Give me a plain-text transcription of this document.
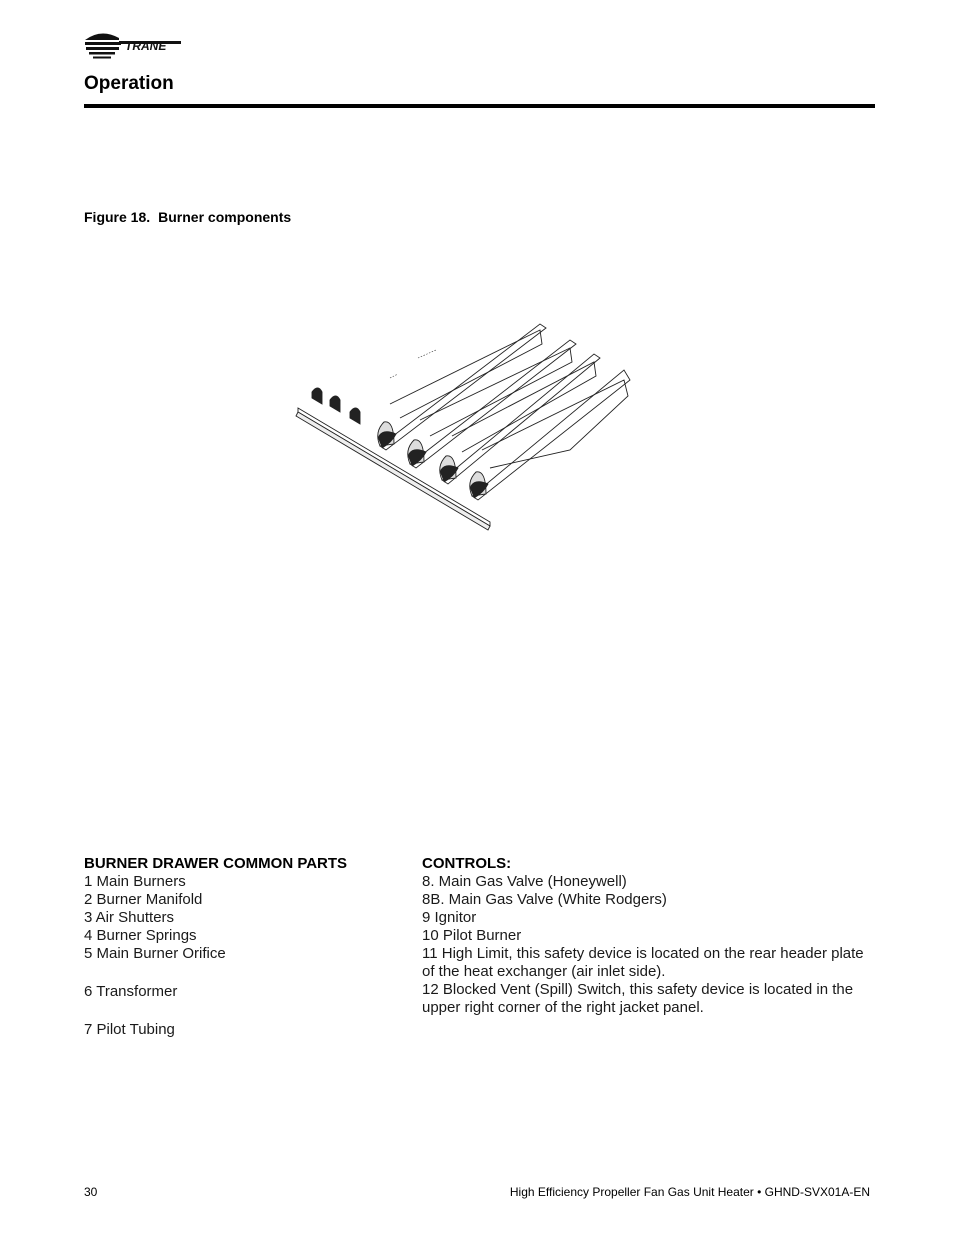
TRANE
Operation

Figure 18. Burner components

BURNER DRAWER COMMON PARTS

1 Main Burners

2 Burner Manifold

3 Air Shutters

4 Burner Springs

5 Main Burner Orifice

6 Transformer

7 Pilot Tubing

CONTROLS:

8. Main Gas Valve (Honeywell)

8B. Main Gas Valve (White Rodgers)

9 Ignitor

10 Pilot Burner

11 High Limit, this safety device is located on the rear header plate of the heat exchanger (air inlet side).

12 Blocked Vent (Spill) Switch, this safety device is located in the upper right corner of the right jacket panel.

30	High Efficiency Propeller Fan Gas Unit Heater • GHND-SVX01A-EN
